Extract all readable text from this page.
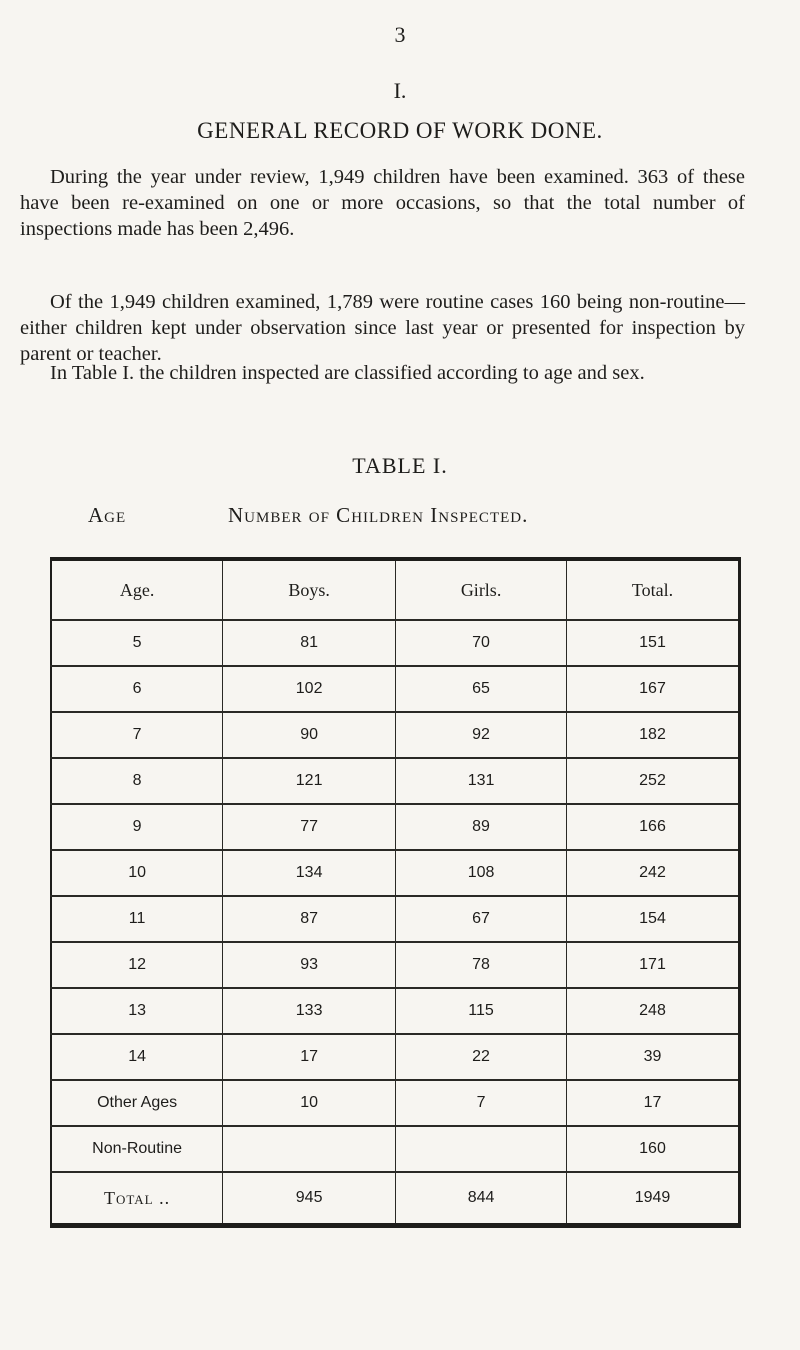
3
I.
GENERAL RECORD OF WORK DONE.

During the year under review, 1,949 children have been examined. 363 of these have been re-examined on one or more occasions, so that the total number of inspections made has been 2,496.

Of the 1,949 children examined, 1,789 were routine cases 160 being non-routine—either children kept under observation since last year or presented for inspection by parent or teacher.

In Table I. the children inspected are classified according to age and sex.

TABLE I.
Age	Number of Children Inspected.
Age.	Boys.	Girls.	Total.
5	81	70	151
6	102	65	167
7	90	92	182
8	121	131	252
9	77	89	166
10	134	108	242
11	87	67	154
12	93	78	171
13	133	115	248
14	17	22	39
Other Ages	10	7	17
Non-Routine			160
Total ..	945	844	1949
